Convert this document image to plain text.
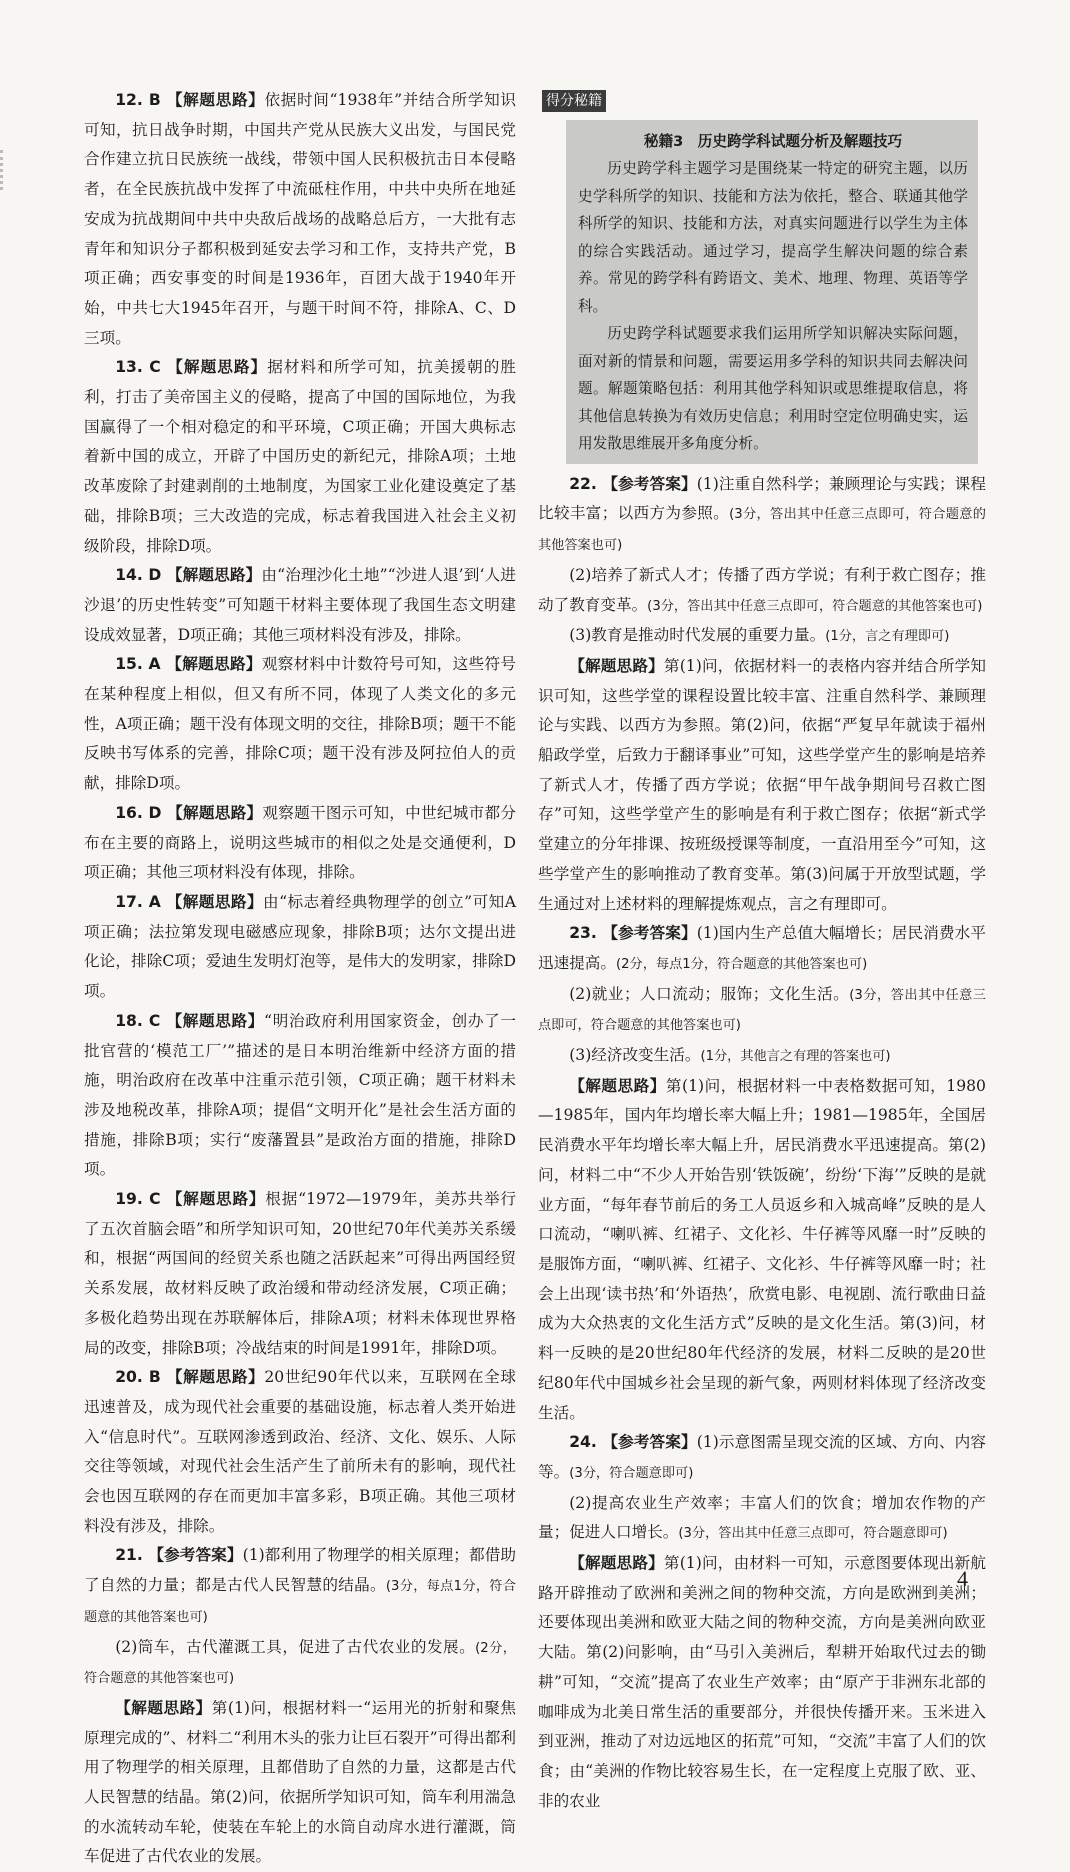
12. B 【解题思路】依据时间“1938年”并结合所学知识可知，抗日战争时期，中国共产党从民族大义出发，与国民党合作建立抗日民族统一战线，带领中国人民积极抗击日本侵略者，在全民族抗战中发挥了中流砥柱作用，中共中央所在地延安成为抗战期间中共中央敌后战场的战略总后方，一大批有志青年和知识分子都积极到延安去学习和工作，支持共产党，B项正确；西安事变的时间是1936年，百团大战于1940年开始，中共七大1945年召开，与题干时间不符，排除A、C、D三项。

13. C 【解题思路】据材料和所学可知，抗美援朝的胜利，打击了美帝国主义的侵略，提高了中国的国际地位，为我国赢得了一个相对稳定的和平环境，C项正确；开国大典标志着新中国的成立，开辟了中国历史的新纪元，排除A项；土地改革废除了封建剥削的土地制度，为国家工业化建设奠定了基础，排除B项；三大改造的完成，标志着我国进入社会主义初级阶段，排除D项。

14. D 【解题思路】由“治理沙化土地”“沙进人退’到‘人进沙退’的历史性转变”可知题干材料主要体现了我国生态文明建设成效显著，D项正确；其他三项材料没有涉及，排除。

15. A 【解题思路】观察材料中计数符号可知，这些符号在某种程度上相似，但又有所不同，体现了人类文化的多元性，A项正确；题干没有体现文明的交往，排除B项；题干不能反映书写体系的完善，排除C项；题干没有涉及阿拉伯人的贡献，排除D项。

16. D 【解题思路】观察题干图示可知，中世纪城市都分布在主要的商路上，说明这些城市的相似之处是交通便利，D项正确；其他三项材料没有体现，排除。

17. A 【解题思路】由“标志着经典物理学的创立”可知A项正确；法拉第发现电磁感应现象，排除B项；达尔文提出进化论，排除C项；爱迪生发明灯泡等，是伟大的发明家，排除D项。

18. C 【解题思路】“明治政府利用国家资金，创办了一批官营的‘模范工厂’”描述的是日本明治维新中经济方面的措施，明治政府在改革中注重示范引领，C项正确；题干材料未涉及地税改革，排除A项；提倡“文明开化”是社会生活方面的措施，排除B项；实行“废藩置县”是政治方面的措施，排除D项。

19. C 【解题思路】根据“1972—1979年，美苏共举行了五次首脑会晤”和所学知识可知，20世纪70年代美苏关系缓和，根据“两国间的经贸关系也随之活跃起来”可得出两国经贸关系发展，故材料反映了政治缓和带动经济发展，C项正确；多极化趋势出现在苏联解体后，排除A项；材料未体现世界格局的改变，排除B项；冷战结束的时间是1991年，排除D项。

20. B 【解题思路】20世纪90年代以来，互联网在全球迅速普及，成为现代社会重要的基础设施，标志着人类开始进入“信息时代”。互联网渗透到政治、经济、文化、娱乐、人际交往等领域，对现代社会生活产生了前所未有的影响，现代社会也因互联网的存在而更加丰富多彩，B项正确。其他三项材料没有涉及，排除。

21. 【参考答案】(1)都利用了物理学的相关原理；都借助了自然的力量；都是古代人民智慧的结晶。(3分，每点1分，符合题意的其他答案也可)

(2)筒车，古代灌溉工具，促进了古代农业的发展。(2分，符合题意的其他答案也可)

【解题思路】第(1)问，根据材料一“运用光的折射和聚焦原理完成的”、材料二“利用木头的张力让巨石裂开”可得出都利用了物理学的相关原理，且都借助了自然的力量，这都是古代人民智慧的结晶。第(2)问，依据所学知识可知，筒车利用湍急的水流转动车轮，使装在车轮上的水筒自动戽水进行灌溉，筒车促进了古代农业的发展。

得分秘籍
秘籍3　历史跨学科试题分析及解题技巧

历史跨学科主题学习是围绕某一特定的研究主题，以历史学科所学的知识、技能和方法为依托，整合、联通其他学科所学的知识、技能和方法，对真实问题进行以学生为主体的综合实践活动。通过学习，提高学生解决问题的综合素养。常见的跨学科有跨语文、美术、地理、物理、英语等学科。

历史跨学科试题要求我们运用所学知识解决实际问题，面对新的情景和问题，需要运用多学科的知识共同去解决问题。解题策略包括：利用其他学科知识或思维提取信息，将其他信息转换为有效历史信息；利用时空定位明确史实，运用发散思维展开多角度分析。

22. 【参考答案】(1)注重自然科学；兼顾理论与实践；课程比较丰富；以西方为参照。(3分，答出其中任意三点即可，符合题意的其他答案也可)

(2)培养了新式人才；传播了西方学说；有利于救亡图存；推动了教育变革。(3分，答出其中任意三点即可，符合题意的其他答案也可)

(3)教育是推动时代发展的重要力量。(1分，言之有理即可)

【解题思路】第(1)问，依据材料一的表格内容并结合所学知识可知，这些学堂的课程设置比较丰富、注重自然科学、兼顾理论与实践、以西方为参照。第(2)问，依据“严复早年就读于福州船政学堂，后致力于翻译事业”可知，这些学堂产生的影响是培养了新式人才，传播了西方学说；依据“甲午战争期间号召救亡图存”可知，这些学堂产生的影响是有利于救亡图存；依据“新式学堂建立的分年排课、按班级授课等制度，一直沿用至今”可知，这些学堂产生的影响推动了教育变革。第(3)问属于开放型试题，学生通过对上述材料的理解提炼观点，言之有理即可。

23. 【参考答案】(1)国内生产总值大幅增长；居民消费水平迅速提高。(2分，每点1分，符合题意的其他答案也可)

(2)就业；人口流动；服饰；文化生活。(3分，答出其中任意三点即可，符合题意的其他答案也可)

(3)经济改变生活。(1分，其他言之有理的答案也可)

【解题思路】第(1)问，根据材料一中表格数据可知，1980—1985年，国内年均增长率大幅上升；1981—1985年，全国居民消费水平年均增长率大幅上升，居民消费水平迅速提高。第(2)问，材料二中“不少人开始告别‘铁饭碗’，纷纷‘下海’”反映的是就业方面，“每年春节前后的务工人员返乡和入城高峰”反映的是人口流动，“喇叭裤、红裙子、文化衫、牛仔裤等风靡一时”反映的是服饰方面，“喇叭裤、红裙子、文化衫、牛仔裤等风靡一时；社会上出现‘读书热’和‘外语热’，欣赏电影、电视剧、流行歌曲日益成为大众热衷的文化生活方式”反映的是文化生活。第(3)问，材料一反映的是20世纪80年代经济的发展，材料二反映的是20世纪80年代中国城乡社会呈现的新气象，两则材料体现了经济改变生活。

24. 【参考答案】(1)示意图需呈现交流的区域、方向、内容等。(3分，符合题意即可)

(2)提高农业生产效率；丰富人们的饮食；增加农作物的产量；促进人口增长。(3分，答出其中任意三点即可，符合题意即可)

【解题思路】第(1)问，由材料一可知，示意图要体现出新航路开辟推动了欧洲和美洲之间的物种交流，方向是欧洲到美洲；还要体现出美洲和欧亚大陆之间的物种交流，方向是美洲向欧亚大陆。第(2)问影响，由“马引入美洲后，犁耕开始取代过去的锄耕”可知，“交流”提高了农业生产效率；由“原产于非洲东北部的咖啡成为北美日常生活的重要部分，并很快传播开来。玉米进入到亚洲，推动了对边远地区的拓荒”可知，“交流”丰富了人们的饮食；由“美洲的作物比较容易生长，在一定程度上克服了欧、亚、非的农业

4
